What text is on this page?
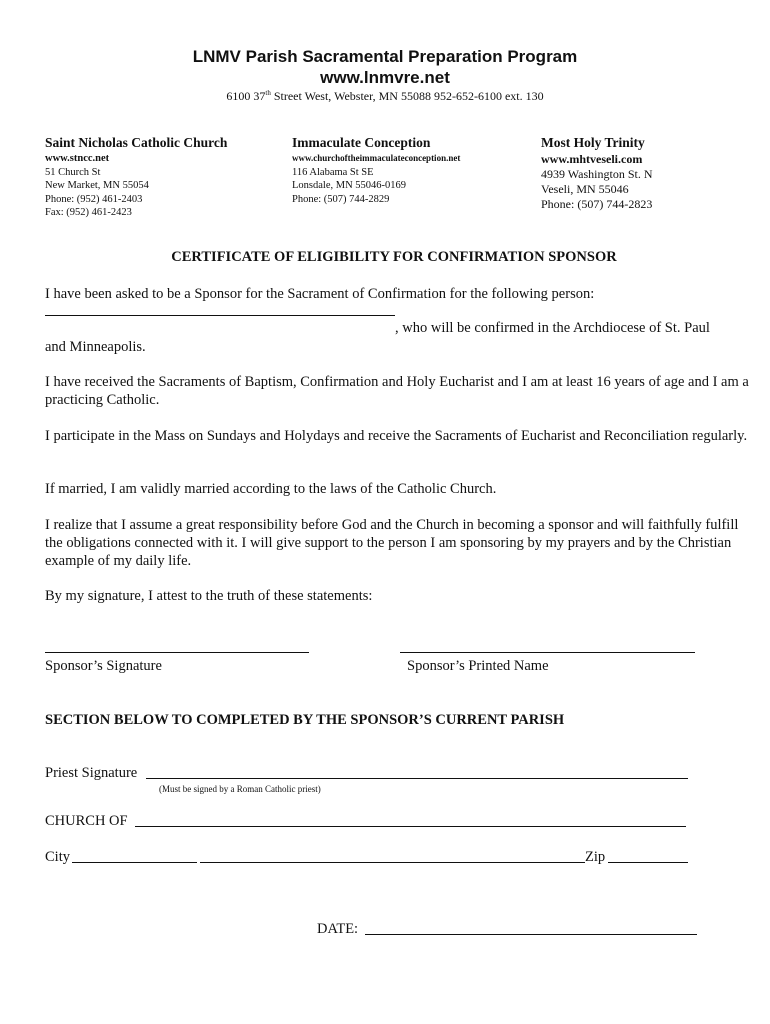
LNMV Parish Sacramental Preparation Program
www.lnmvre.net
6100 37th Street West, Webster, MN 55088 952-652-6100 ext. 130
Saint Nicholas Catholic Church
www.stncc.net
51 Church St
New Market, MN 55054
Phone: (952) 461-2403
Fax: (952) 461-2423
Immaculate Conception
www.churchoftheimmaculateconception.net
116 Alabama St SE
Lonsdale, MN 55046-0169
Phone: (507) 744-2829
Most Holy Trinity
www.mhtveseli.com
4939 Washington St. N
Veseli, MN 55046
Phone: (507) 744-2823
CERTIFICATE OF ELIGIBILITY FOR CONFIRMATION SPONSOR
I have been asked to be a Sponsor for the Sacrament of Confirmation for the following person:
, who will be confirmed in the Archdiocese of St. Paul
and Minneapolis.
I have received the Sacraments of Baptism, Confirmation and Holy Eucharist and I am at least 16 years of age and I am a practicing Catholic.
I participate in the Mass on Sundays and Holydays and receive the Sacraments of Eucharist and Reconciliation regularly.
If married, I am validly married according to the laws of the Catholic Church.
I realize that I assume a great responsibility before God and the Church in becoming a sponsor and will faithfully fulfill the obligations connected with it. I will give support to the person I am sponsoring by my prayers and by the Christian example of my daily life.
By my signature, I attest to the truth of these statements:
Sponsor’s Signature	Sponsor’s Printed Name
SECTION BELOW TO COMPLETED BY THE SPONSOR’S CURRENT PARISH
Priest Signature
(Must be signed by a Roman Catholic priest)
CHURCH OF
City	Zip
DATE:
